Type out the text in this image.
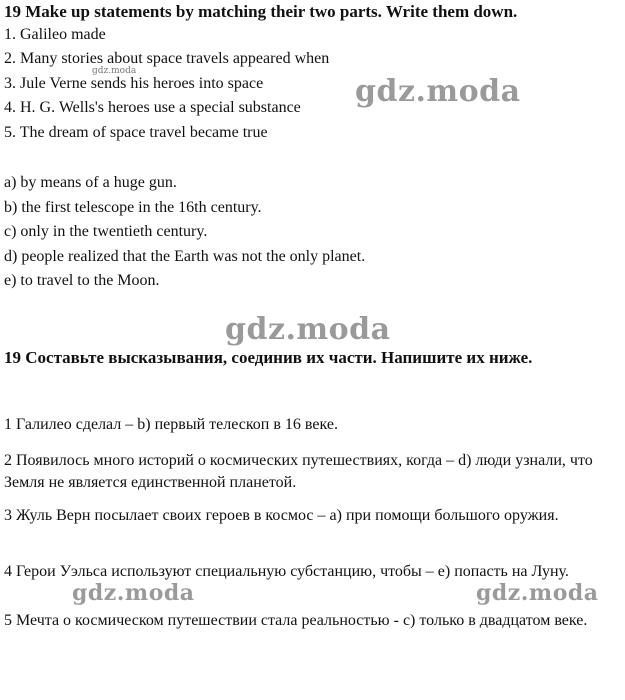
19 Make up statements by matching their two parts. Write them down.
1. Galileo made
2. Many stories about space travels appeared when
3. Jule Verne sends his heroes into space
4. H. G. Wells's heroes use a special substance
5. The dream of space travel became true
a) by means of a huge gun.
b) the first telescope in the 16th century.
c) only in the twentieth century.
d) people realized that the Earth was not the only planet.
e) to travel to the Moon.
19 Составьте высказывания, соединив их части. Напишите их ниже.
1 Галилео сделал – b) первый телескоп в 16 веке.
2 Появилось много историй о космических путешествиях, когда – d) люди узнали, что Земля не является единственной планетой.
3 Жуль Верн посылает своих героев в космос – a) при помощи большого оружия.
4 Герои Уэльса используют специальную субстанцию, чтобы – e) попасть на Луну.
5 Мечта о космическом путешествии стала реальностью - c) только в двадцатом веке.
gdz.moda
gdz.moda
gdz.moda
gdz.moda	gdz.moda
